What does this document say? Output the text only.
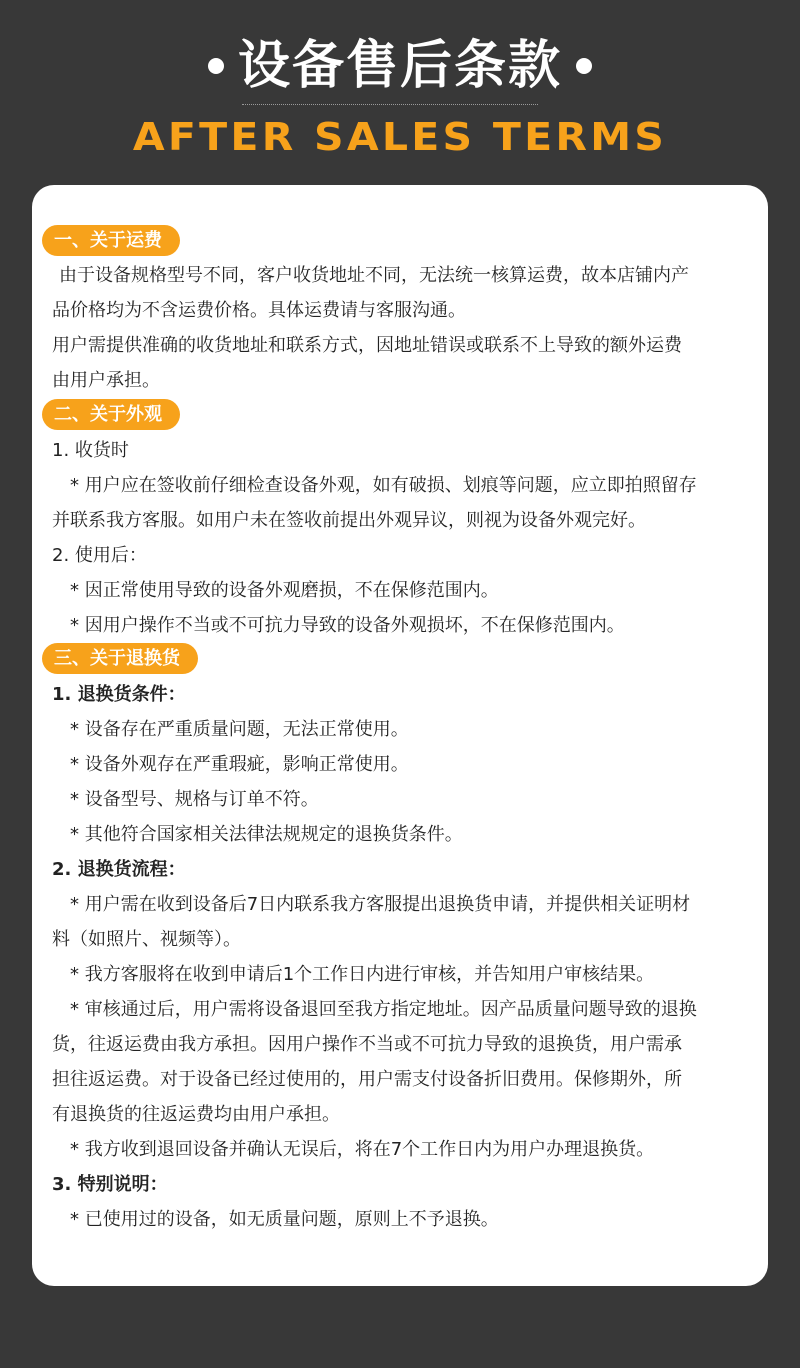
设备售后条款
AFTER SALES TERMS
一、关于运费
由于设备规格型号不同，客户收货地址不同，无法统一核算运费，故本店铺内产
品价格均为不含运费价格。具体运费请与客服沟通。
用户需提供准确的收货地址和联系方式，因地址错误或联系不上导致的额外运费
由用户承担。
二、关于外观
1. 收货时
* 用户应在签收前仔细检查设备外观，如有破损、划痕等问题，应立即拍照留存
并联系我方客服。如用户未在签收前提出外观异议，则视为设备外观完好。
2. 使用后：
* 因正常使用导致的设备外观磨损，不在保修范围内。
* 因用户操作不当或不可抗力导致的设备外观损坏，不在保修范围内。
三、关于退换货
1. 退换货条件：
* 设备存在严重质量问题，无法正常使用。
* 设备外观存在严重瑕疵，影响正常使用。
* 设备型号、规格与订单不符。
* 其他符合国家相关法律法规规定的退换货条件。
2. 退换货流程：
* 用户需在收到设备后7日内联系我方客服提出退换货申请，并提供相关证明材
料（如照片、视频等）。
* 我方客服将在收到申请后1个工作日内进行审核，并告知用户审核结果。
* 审核通过后，用户需将设备退回至我方指定地址。因产品质量问题导致的退换
货，往返运费由我方承担。因用户操作不当或不可抗力导致的退换货，用户需承
担往返运费。对于设备已经过使用的，用户需支付设备折旧费用。保修期外，所
有退换货的往返运费均由用户承担。
* 我方收到退回设备并确认无误后，将在7个工作日内为用户办理退换货。
3. 特别说明：
* 已使用过的设备，如无质量问题，原则上不予退换。
